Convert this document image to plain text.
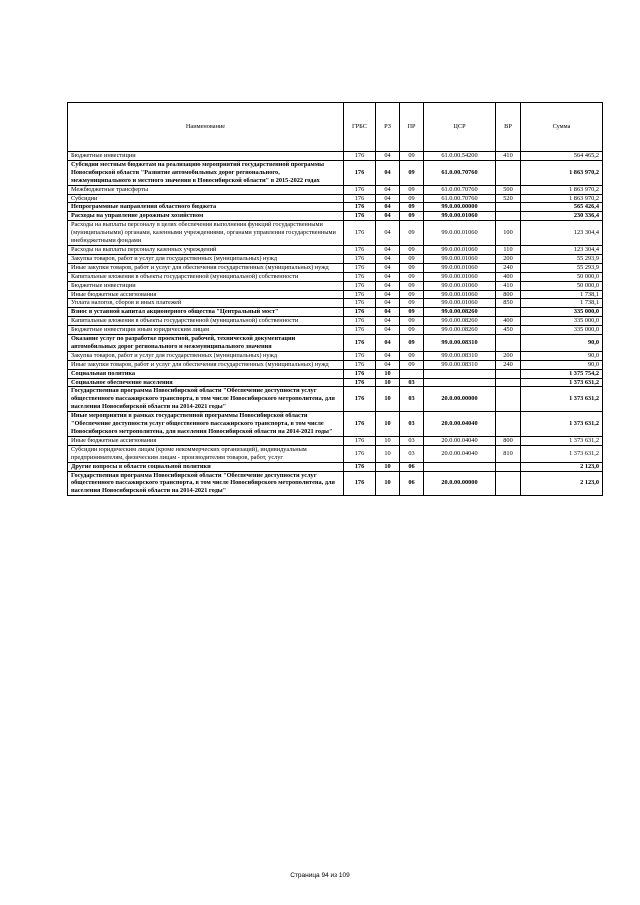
Наименование	ГРБС	РЗ	ПР	ЦСР	ВР	Сумма
Бюджетные инвестиции	176	04	09	61.0.00.54200	410	564 465,2
Субсидии местным бюджетам на реализацию мероприятий государственной программы Новосибирской области "Развитие автомобильных дорог регионального, межмуниципального и местного значения в Новосибирской области" в 2015-2022 годах	176	04	09	61.0.00.70760		1 863 970,2
Межбюджетные трансферты	176	04	09	61.0.00.70760	500	1 863 970,2
Субсидии	176	04	09	61.0.00.70760	520	1 863 970,2
Непрограммные направления областного бюджета	176	04	09	99.0.00.00000		565 426,4
Расходы на управление дорожным хозяйством	176	04	09	99.0.00.01060		230 336,4
Расходы на выплаты персоналу в целях обеспечения выполнения функций государственными (муниципальными) органами, казенными учреждениями, органами управления государственными внебюджетными фондами	176	04	09	99.0.00.01060	100	123 304,4
Расходы на выплаты персоналу казенных учреждений	176	04	09	99.0.00.01060	110	123 304,4
Закупка товаров, работ и услуг для государственных (муниципальных) нужд	176	04	09	99.0.00.01060	200	55 293,9
Иные закупки товаров, работ и услуг для обеспечения государственных (муниципальных) нужд	176	04	09	99.0.00.01060	240	55 293,9
Капитальные вложения в объекты государственной (муниципальной) собственности	176	04	09	99.0.00.01060	400	50 000,0
Бюджетные инвестиции	176	04	09	99.0.00.01060	410	50 000,0
Иные бюджетные ассигнования	176	04	09	99.0.00.01060	800	1 738,1
Уплата налогов, сборов и иных платежей	176	04	09	99.0.00.01060	850	1 738,1
Взнос в уставной капитал акционерного общества "Центральный мост"	176	04	09	99.0.00.08260		335 000,0
Капитальные вложения в объекты государственной (муниципальной) собственности	176	04	09	99.0.00.08260	400	335 000,0
Бюджетные инвестиции иным юридическим лицам	176	04	09	99.0.00.08260	450	335 000,0
Оказание услуг по разработке проектной, рабочей, технической документации автомобильных дорог регионального и межмуниципального значения	176	04	09	99.0.00.08310		90,0
Закупка товаров, работ и услуг для государственных (муниципальных) нужд	176	04	09	99.0.00.08310	200	90,0
Иные закупки товаров, работ и услуг для обеспечения государственных (муниципальных) нужд	176	04	09	99.0.00.08310	240	90,0
Социальная политика	176	10				1 375 754,2
Социальное обеспечение населения	176	10	03			1 373 631,2
Государственная программа Новосибирской области "Обеспечение доступности услуг общественного пассажирского транспорта, в том числе Новосибирского метрополитена, для населения Новосибирской области на 2014-2021 годы"	176	10	03	20.0.00.00000		1 373 631,2
Иные мероприятия в рамках государственной программы Новосибирской области "Обеспечение доступности услуг общественного пассажирского транспорта, в том числе Новосибирского метрополитена, для населения Новосибирской области на 2014-2021 годы"	176	10	03	20.0.00.04040		1 373 631,2
Иные бюджетные ассигнования	176	10	03	20.0.00.04040	800	1 373 631,2
Субсидии юридическим лицам (кроме некоммерческих организаций), индивидуальным предпринимателям, физическим лицам - производителям товаров, работ, услуг	176	10	03	20.0.00.04040	810	1 373 631,2
Другие вопросы в области социальной политики	176	10	06			2 123,0
Государственная программа Новосибирской области "Обеспечение доступности услуг общественного пассажирского транспорта, в том числе Новосибирского метрополитена, для населения Новосибирской области на 2014-2021 годы"	176	10	06	20.0.00.00000		2 123,0
Страница 94 из 109
